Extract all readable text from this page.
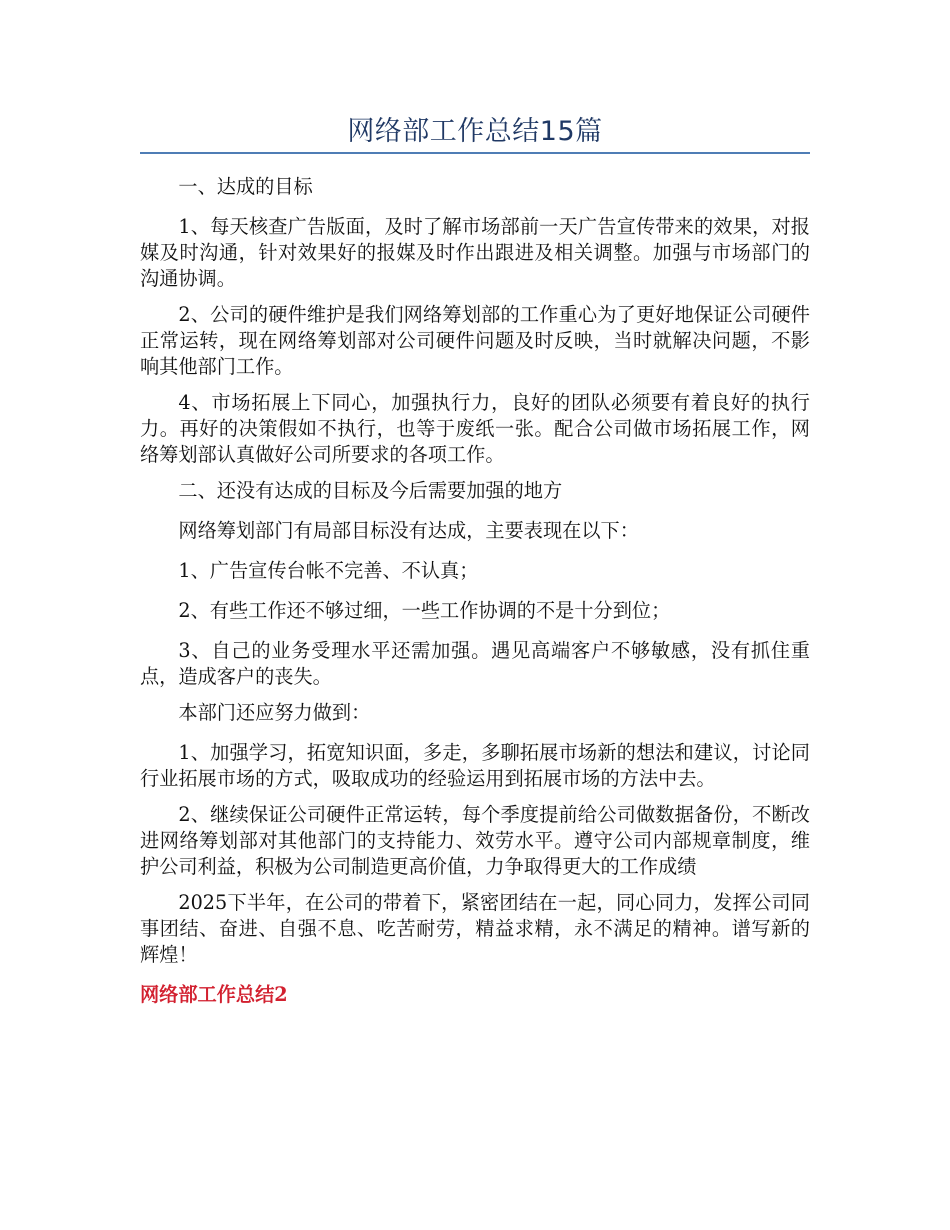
网络部工作总结15篇

一、达成的目标

1、每天核查广告版面，及时了解市场部前一天广告宣传带来的效果，对报媒及时沟通，针对效果好的报媒及时作出跟进及相关调整。加强与市场部门的沟通协调。

2、公司的硬件维护是我们网络筹划部的工作重心为了更好地保证公司硬件正常运转，现在网络筹划部对公司硬件问题及时反映，当时就解决问题，不影响其他部门工作。

4、市场拓展上下同心，加强执行力，良好的团队必须要有着良好的执行力。再好的决策假如不执行，也等于废纸一张。配合公司做市场拓展工作，网络筹划部认真做好公司所要求的各项工作。

二、还没有达成的目标及今后需要加强的地方

网络筹划部门有局部目标没有达成，主要表现在以下：

1、广告宣传台帐不完善、不认真；

2、有些工作还不够过细，一些工作协调的不是十分到位；

3、自己的业务受理水平还需加强。遇见高端客户不够敏感，没有抓住重点，造成客户的丧失。

本部门还应努力做到：

1、加强学习，拓宽知识面，多走，多聊拓展市场新的想法和建议，讨论同行业拓展市场的方式，吸取成功的经验运用到拓展市场的方法中去。

2、继续保证公司硬件正常运转，每个季度提前给公司做数据备份，不断改进网络筹划部对其他部门的支持能力、效劳水平。遵守公司内部规章制度，维护公司利益，积极为公司制造更高价值，力争取得更大的工作成绩

2025下半年，在公司的带着下，紧密团结在一起，同心同力，发挥公司同事团结、奋进、自强不息、吃苦耐劳，精益求精，永不满足的精神。谱写新的辉煌！

网络部工作总结2
